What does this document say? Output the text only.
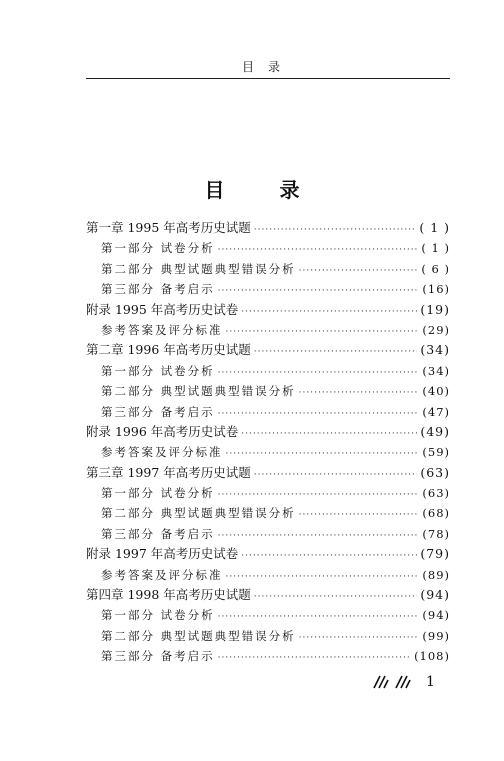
目录
目 录
第一章 1995 年高考历史试题 ·····	( 1 )
第一部分 试卷分析 ·····	( 1 )
第二部分 典型试题典型错误分析 ·····	( 6 )
第三部分 备考启示 ·····	(16)
附录 1995 年高考历史试卷 ·····	(19)
参考答案及评分标准 ·····	(29)
第二章 1996 年高考历史试题 ·····	(34)
第一部分 试卷分析 ·····	(34)
第二部分 典型试题典型错误分析 ·····	(40)
第三部分 备考启示 ·····	(47)
附录 1996 年高考历史试卷 ·····	(49)
参考答案及评分标准 ·····	(59)
第三章 1997 年高考历史试题 ·····	(63)
第一部分 试卷分析 ·····	(63)
第二部分 典型试题典型错误分析 ·····	(68)
第三部分 备考启示 ·····	(78)
附录 1997 年高考历史试卷 ·····	(79)
参考答案及评分标准 ·····	(89)
第四章 1998 年高考历史试题 ·····	(94)
第一部分 试卷分析 ·····	(94)
第二部分 典型试题典型错误分析 ·····	(99)
第三部分 备考启示 ·····	(108)
1
